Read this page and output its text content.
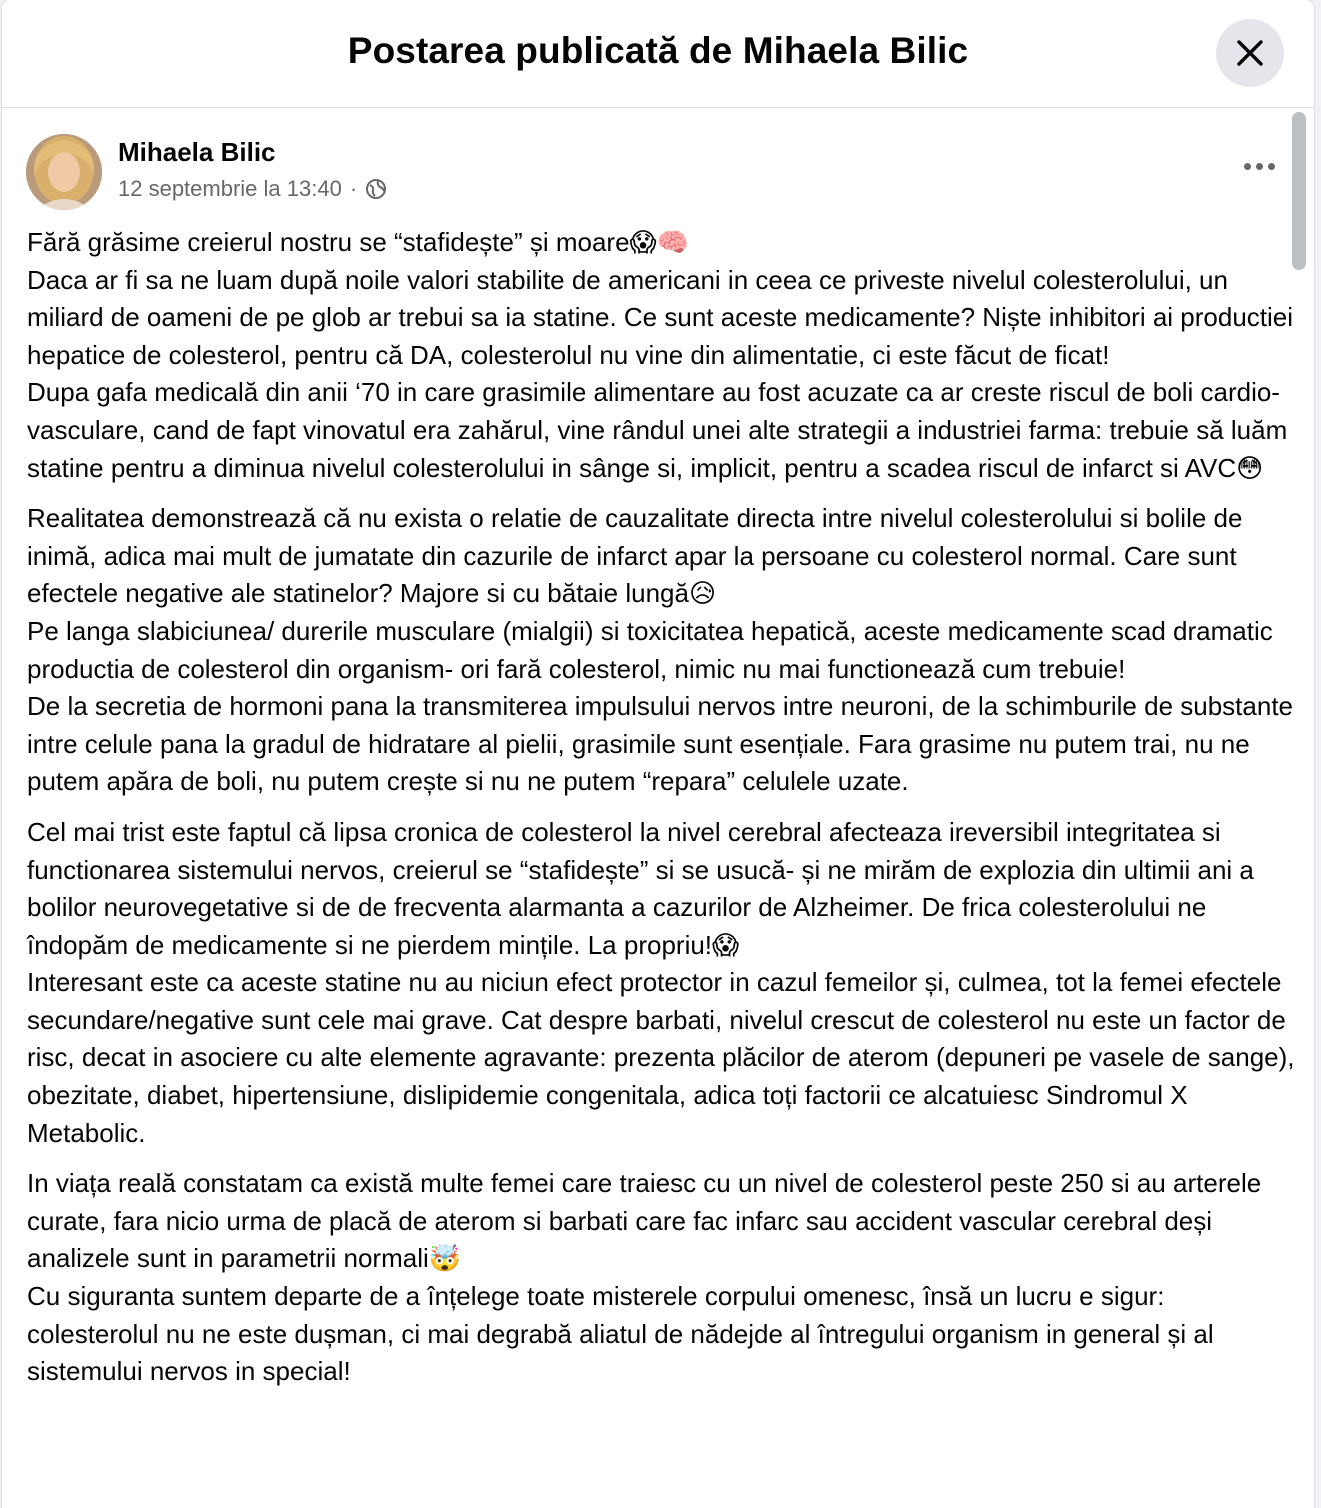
Postarea publicată de Mihaela Bilic
Mihaela Bilic
12 septembrie la 13:40 ·

Fără grăsime creierul nostru se “stafidește” și moare😱🧠
Daca ar fi sa ne luam după noile valori stabilite de americani in ceea ce priveste nivelul colesterolului, un miliard de oameni de pe glob ar trebui sa ia statine. Ce sunt aceste medicamente? Niște inhibitori ai productiei hepatice de colesterol, pentru că DA, colesterolul nu vine din alimentatie, ci este făcut de ficat!
Dupa gafa medicală din anii ‘70 in care grasimile alimentare au fost acuzate ca ar creste riscul de boli cardio-vasculare, cand de fapt vinovatul era zahărul, vine rândul unei alte strategii a industriei farma: trebuie să luăm statine pentru a diminua nivelul colesterolului in sânge si, implicit, pentru a scadea riscul de infarct si AVC😳

Realitatea demonstrează că nu exista o relatie de cauzalitate directa intre nivelul colesterolului si bolile de inimă, adica mai mult de jumatate din cazurile de infarct apar la persoane cu colesterol normal. Care sunt efectele negative ale statinelor? Majore si cu bătaie lungă😥
Pe langa slabiciunea/ durerile musculare (mialgii) si toxicitatea hepatică, aceste medicamente scad dramatic productia de colesterol din organism- ori fară colesterol, nimic nu mai functionează cum trebuie!
De la secretia de hormoni pana la transmiterea impulsului nervos intre neuroni, de la schimburile de substante intre celule pana la gradul de hidratare al pielii, grasimile sunt esențiale. Fara grasime nu putem trai, nu ne putem apăra de boli, nu putem crește si nu ne putem “repara” celulele uzate.

Cel mai trist este faptul că lipsa cronica de colesterol la nivel cerebral afecteaza ireversibil integritatea si functionarea sistemului nervos, creierul se “stafidește” si se usucă- și ne mirăm de explozia din ultimii ani a bolilor neurovegetative si de de frecventa alarmanta a cazurilor de Alzheimer. De frica colesterolului ne îndopăm de medicamente si ne pierdem mințile. La propriu!😱
Interesant este ca aceste statine nu au niciun efect protector in cazul femeilor și, culmea, tot la femei efectele secundare/negative sunt cele mai grave. Cat despre barbati, nivelul crescut de colesterol nu este un factor de risc, decat in asociere cu alte elemente agravante: prezenta plăcilor de aterom (depuneri pe vasele de sange), obezitate, diabet, hipertensiune, dislipidemie congenitala, adica toți factorii ce alcatuiesc Sindromul X Metabolic.

In viața reală constatam ca există multe femei care traiesc cu un nivel de colesterol peste 250 si au arterele curate, fara nicio urma de placă de aterom si barbati care fac infarc sau accident vascular cerebral deși analizele sunt in parametrii normali🤯
Cu siguranta suntem departe de a înțelege toate misterele corpului omenesc, însă un lucru e sigur: colesterolul nu ne este dușman, ci mai degrabă aliatul de nădejde al întregului organism in general și al sistemului nervos in special!
